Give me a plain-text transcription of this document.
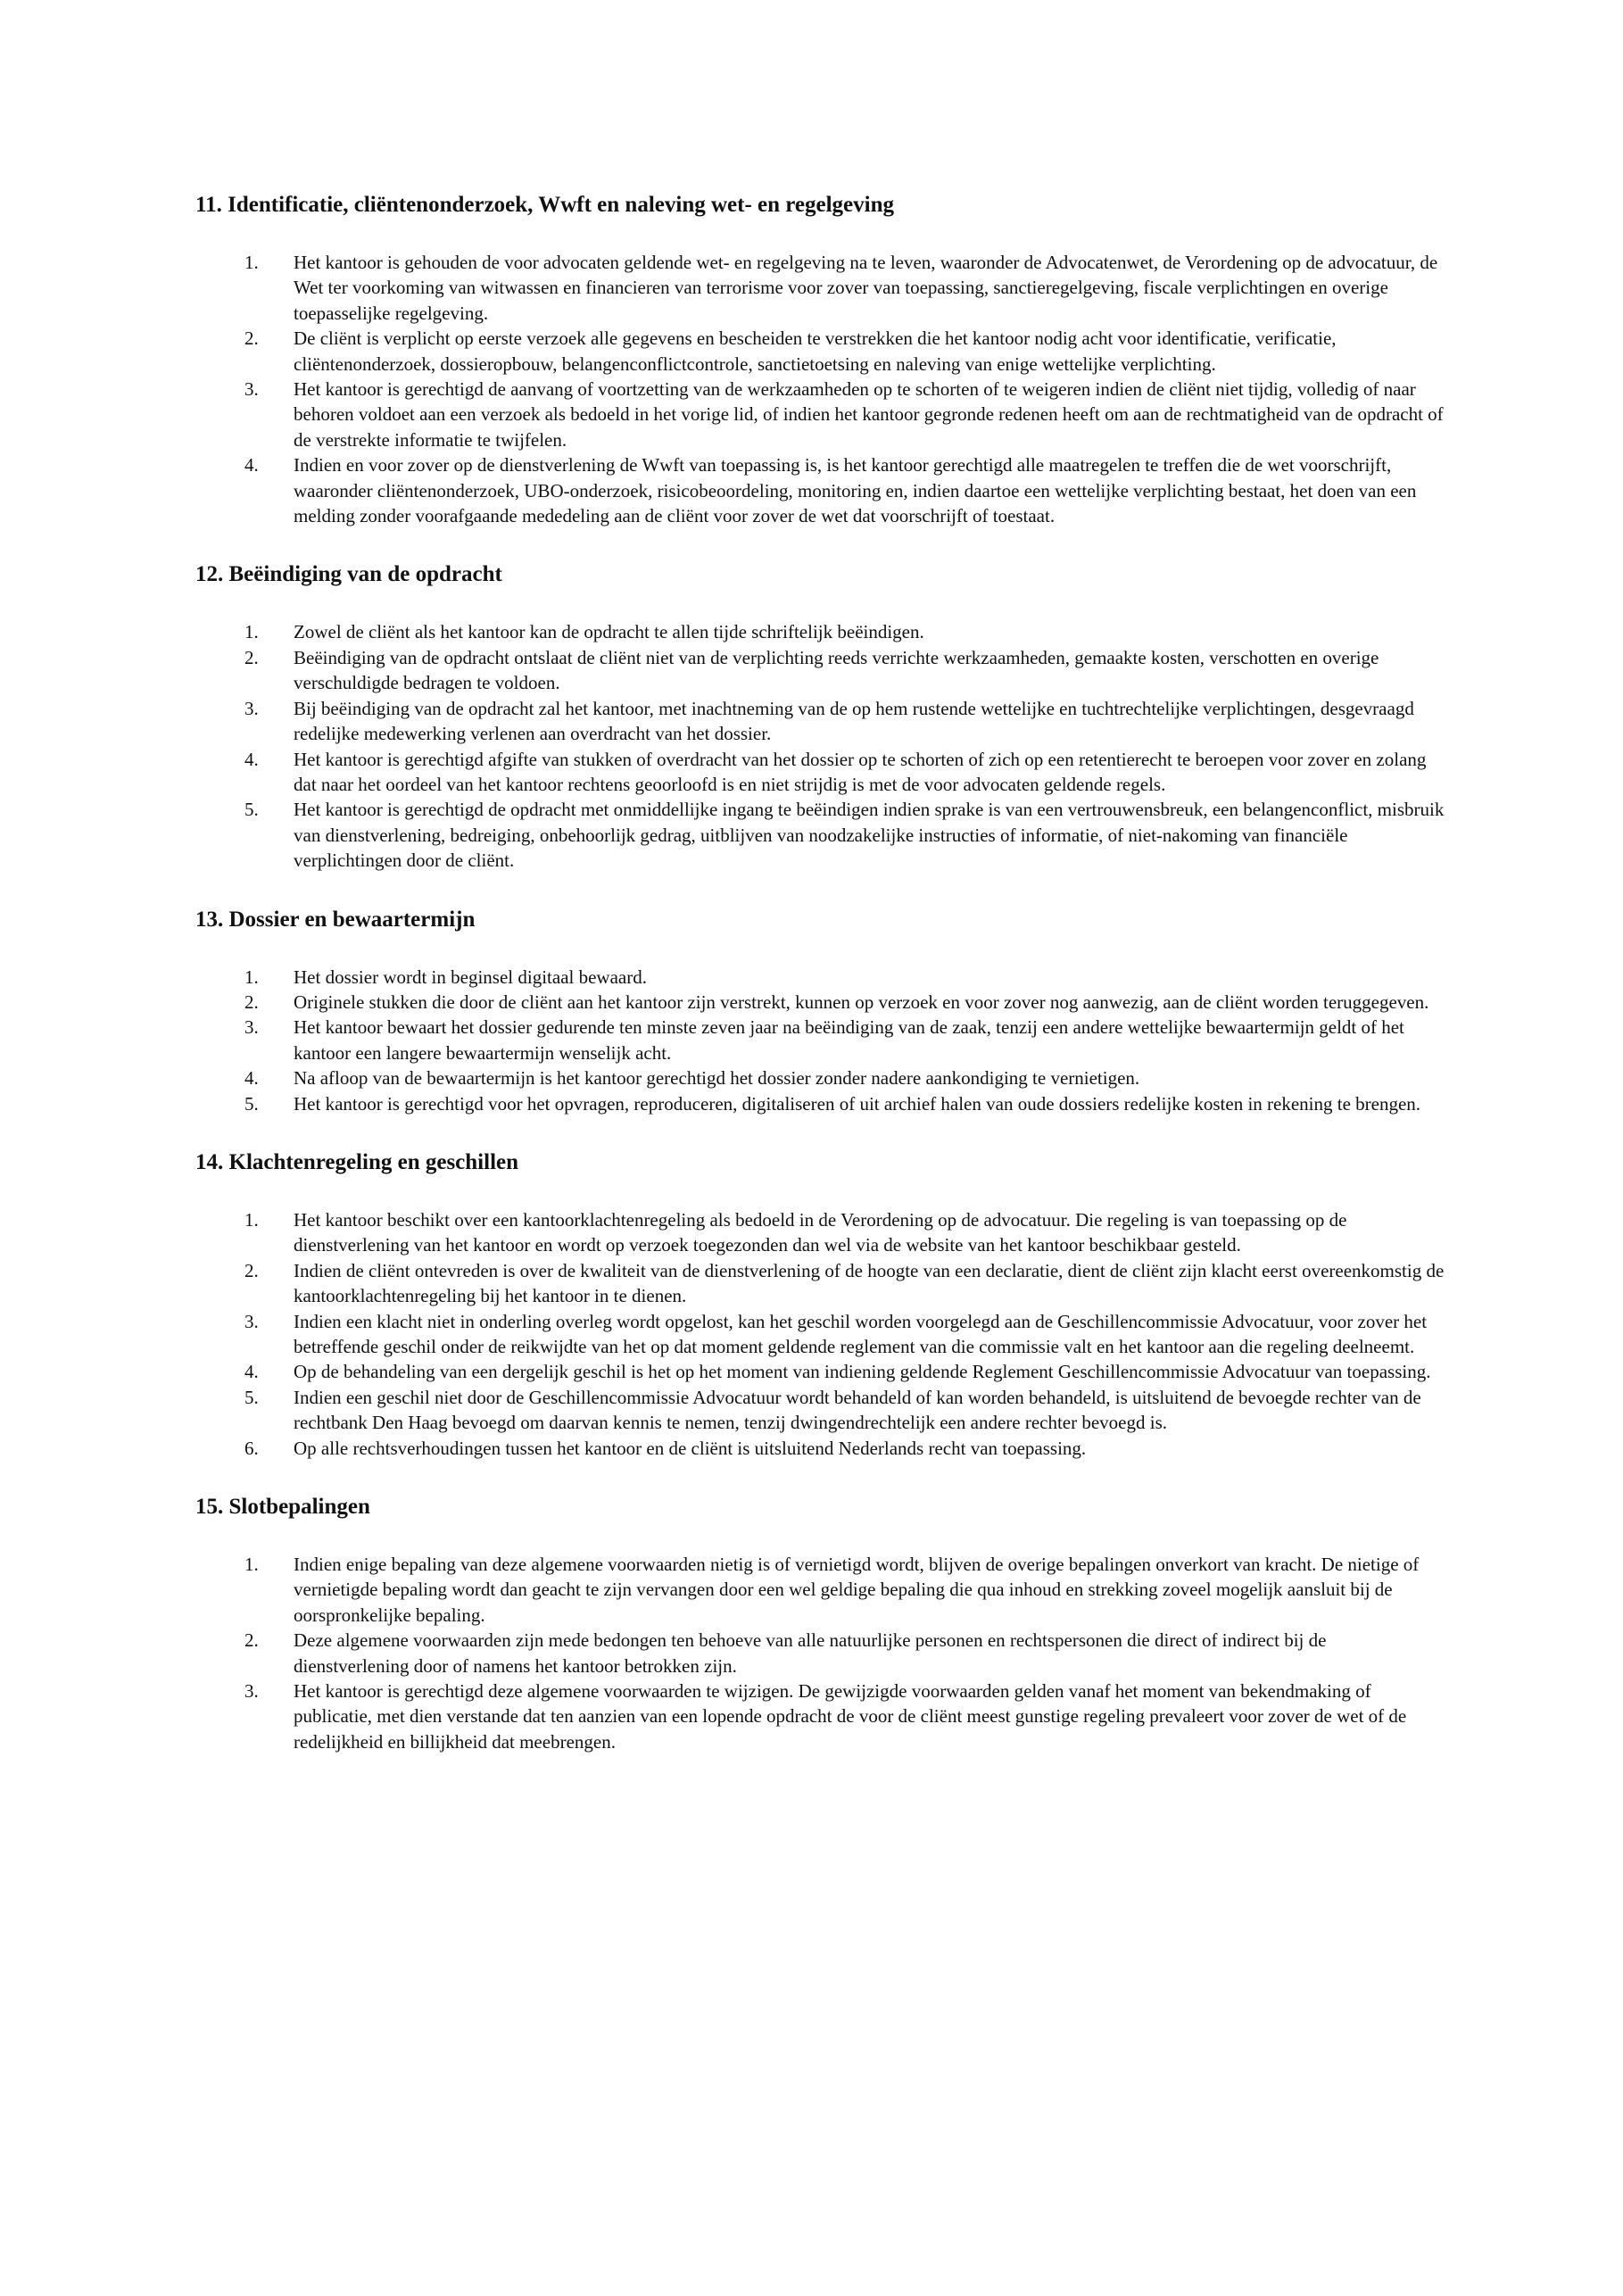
11. Identificatie, cliëntenonderzoek, Wwft en naleving wet- en regelgeving
1.	Het kantoor is gehouden de voor advocaten geldende wet- en regelgeving na te leven, waaronder de Advocatenwet, de Verordening op de advocatuur, de Wet ter voorkoming van witwassen en financieren van terrorisme voor zover van toepassing, sanctieregelgeving, fiscale verplichtingen en overige toepasselijke regelgeving.
2.	De cliënt is verplicht op eerste verzoek alle gegevens en bescheiden te verstrekken die het kantoor nodig acht voor identificatie, verificatie, cliëntenonderzoek, dossieropbouw, belangenconflictcontrole, sanctietoetsing en naleving van enige wettelijke verplichting.
3.	Het kantoor is gerechtigd de aanvang of voortzetting van de werkzaamheden op te schorten of te weigeren indien de cliënt niet tijdig, volledig of naar behoren voldoet aan een verzoek als bedoeld in het vorige lid, of indien het kantoor gegronde redenen heeft om aan de rechtmatigheid van de opdracht of de verstrekte informatie te twijfelen.
4.	Indien en voor zover op de dienstverlening de Wwft van toepassing is, is het kantoor gerechtigd alle maatregelen te treffen die de wet voorschrijft, waaronder cliëntenonderzoek, UBO-onderzoek, risicobeoordeling, monitoring en, indien daartoe een wettelijke verplichting bestaat, het doen van een melding zonder voorafgaande mededeling aan de cliënt voor zover de wet dat voorschrijft of toestaat.
12. Beëindiging van de opdracht
1.	Zowel de cliënt als het kantoor kan de opdracht te allen tijde schriftelijk beëindigen.
2.	Beëindiging van de opdracht ontslaat de cliënt niet van de verplichting reeds verrichte werkzaamheden, gemaakte kosten, verschotten en overige verschuldigde bedragen te voldoen.
3.	Bij beëindiging van de opdracht zal het kantoor, met inachtneming van de op hem rustende wettelijke en tuchtrechtelijke verplichtingen, desgevraagd redelijke medewerking verlenen aan overdracht van het dossier.
4.	Het kantoor is gerechtigd afgifte van stukken of overdracht van het dossier op te schorten of zich op een retentierecht te beroepen voor zover en zolang dat naar het oordeel van het kantoor rechtens geoorloofd is en niet strijdig is met de voor advocaten geldende regels.
5.	Het kantoor is gerechtigd de opdracht met onmiddellijke ingang te beëindigen indien sprake is van een vertrouwensbreuk, een belangenconflict, misbruik van dienstverlening, bedreiging, onbehoorlijk gedrag, uitblijven van noodzakelijke instructies of informatie, of niet-nakoming van financiële verplichtingen door de cliënt.
13. Dossier en bewaartermijn
1.	Het dossier wordt in beginsel digitaal bewaard.
2.	Originele stukken die door de cliënt aan het kantoor zijn verstrekt, kunnen op verzoek en voor zover nog aanwezig, aan de cliënt worden teruggegeven.
3.	Het kantoor bewaart het dossier gedurende ten minste zeven jaar na beëindiging van de zaak, tenzij een andere wettelijke bewaartermijn geldt of het kantoor een langere bewaartermijn wenselijk acht.
4.	Na afloop van de bewaartermijn is het kantoor gerechtigd het dossier zonder nadere aankondiging te vernietigen.
5.	Het kantoor is gerechtigd voor het opvragen, reproduceren, digitaliseren of uit archief halen van oude dossiers redelijke kosten in rekening te brengen.
14. Klachtenregeling en geschillen
1.	Het kantoor beschikt over een kantoorklachtenregeling als bedoeld in de Verordening op de advocatuur. Die regeling is van toepassing op de dienstverlening van het kantoor en wordt op verzoek toegezonden dan wel via de website van het kantoor beschikbaar gesteld.
2.	Indien de cliënt ontevreden is over de kwaliteit van de dienstverlening of de hoogte van een declaratie, dient de cliënt zijn klacht eerst overeenkomstig de kantoorklachtenregeling bij het kantoor in te dienen.
3.	Indien een klacht niet in onderling overleg wordt opgelost, kan het geschil worden voorgelegd aan de Geschillencommissie Advocatuur, voor zover het betreffende geschil onder de reikwijdte van het op dat moment geldende reglement van die commissie valt en het kantoor aan die regeling deelneemt.
4.	Op de behandeling van een dergelijk geschil is het op het moment van indiening geldende Reglement Geschillencommissie Advocatuur van toepassing.
5.	Indien een geschil niet door de Geschillencommissie Advocatuur wordt behandeld of kan worden behandeld, is uitsluitend de bevoegde rechter van de rechtbank Den Haag bevoegd om daarvan kennis te nemen, tenzij dwingendrechtelijk een andere rechter bevoegd is.
6.	Op alle rechtsverhoudingen tussen het kantoor en de cliënt is uitsluitend Nederlands recht van toepassing.
15. Slotbepalingen
1.	Indien enige bepaling van deze algemene voorwaarden nietig is of vernietigd wordt, blijven de overige bepalingen onverkort van kracht. De nietige of vernietigde bepaling wordt dan geacht te zijn vervangen door een wel geldige bepaling die qua inhoud en strekking zoveel mogelijk aansluit bij de oorspronkelijke bepaling.
2.	Deze algemene voorwaarden zijn mede bedongen ten behoeve van alle natuurlijke personen en rechtspersonen die direct of indirect bij de dienstverlening door of namens het kantoor betrokken zijn.
3.	Het kantoor is gerechtigd deze algemene voorwaarden te wijzigen. De gewijzigde voorwaarden gelden vanaf het moment van bekendmaking of publicatie, met dien verstande dat ten aanzien van een lopende opdracht de voor de cliënt meest gunstige regeling prevaleert voor zover de wet of de redelijkheid en billijkheid dat meebrengen.
